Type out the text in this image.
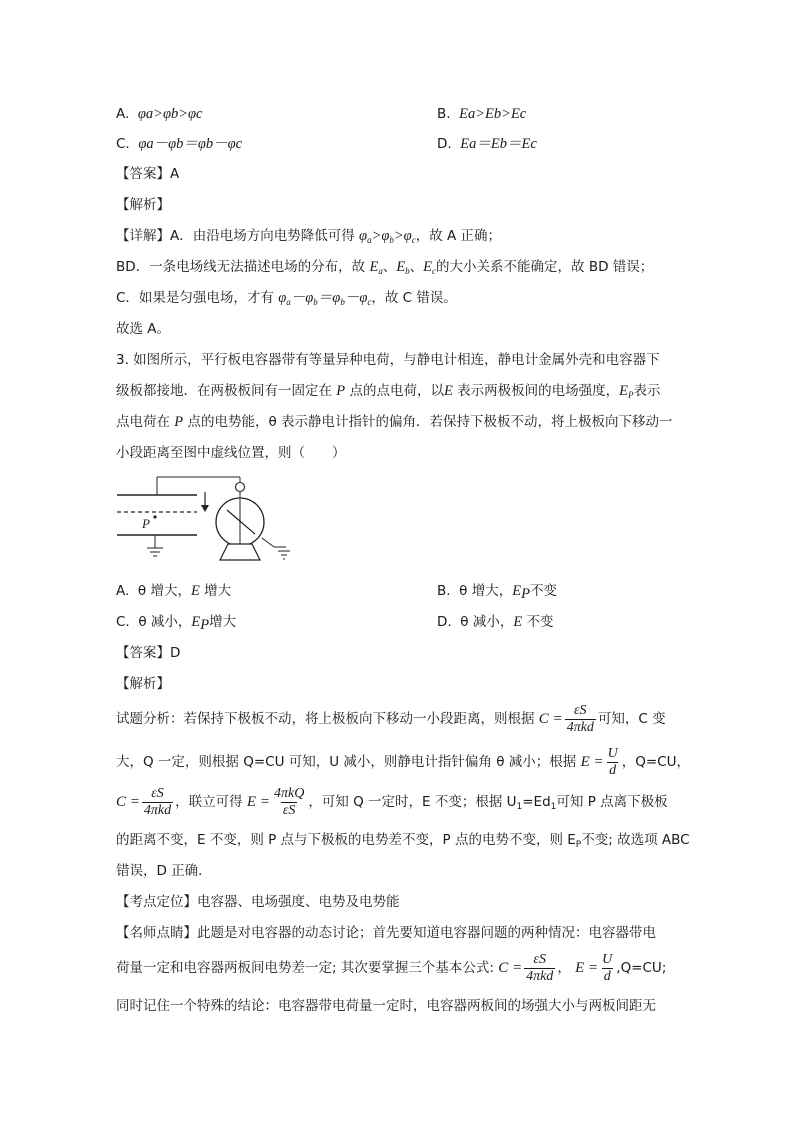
A. φa>φb>φc	B. Ea>Eb>Ec
C. φa－φb＝φb－φc	D. Ea＝Eb＝Ec
【答案】A
【解析】
【详解】A．由沿电场方向电势降低可得 $\varphi_a>\varphi_b>\varphi_c$，故 A 正确；
BD．一条电场线无法描述电场的分布，故 $E_a$、$E_b$、$E_c$的大小关系不能确定，故 BD 错误；
C．如果是匀强电场，才有 $\varphi_a-\varphi_b=\varphi_b-\varphi_c$，故 C 错误。
故选 A。
3. 如图所示，平行板电容器带有等量异种电荷，与静电计相连，静电计金属外壳和电容器下
级板都接地．在两极板间有一固定在 P 点的点电荷，以E 表示两极板间的电场强度，$E_P$表示
点电荷在 P 点的电势能，θ 表示静电计指针的偏角．若保持下极板不动，将上极板向下移动一
小段距离至图中虚线位置，则（　　）
P
A. θ 增大，E 增大	B. θ 增大，$E_P$不变
C. θ 减小，$E_P$增大	D. θ 减小，E 不变
【答案】D
【解析】
试题分析：若保持下极板不动，将上极板向下移动一小段距离，则根据 $C = \frac{\varepsilon S}{\text{4πkd}}$ 可知，C 变
大，Q 一定，则根据 Q=CU 可知，U 减小，则静电计指针偏角 θ 减小；根据 $E = \frac{U}{d}$ ，Q=CU，
$C = \frac{\varepsilon S}{\text{4πkd}}$ ，联立可得 $E = \frac{\text{4πkQ}}{\varepsilon S}$ ，可知 Q 一定时，E 不变；根据 $U_1=Ed_1$可知 P 点离下极板
的距离不变，E 不变，则 P 点与下极板的电势差不变，P 点的电势不变，则 $E_P$不变; 故选项 ABC
错误，D 正确．
【考点定位】电容器、电场强度、电势及电势能
【名师点睛】此题是对电容器的动态讨论；首先要知道电容器问题的两种情况：电容器带电
荷量一定和电容器两板间电势差一定; 其次要掌握三个基本公式: $C = \frac{\varepsilon S}{\text{4πkd}}$ ， $E = \frac{U}{d} ,Q=CU$;
同时记住一个特殊的结论：电容器带电荷量一定时，电容器两板间的场强大小与两板间距无
